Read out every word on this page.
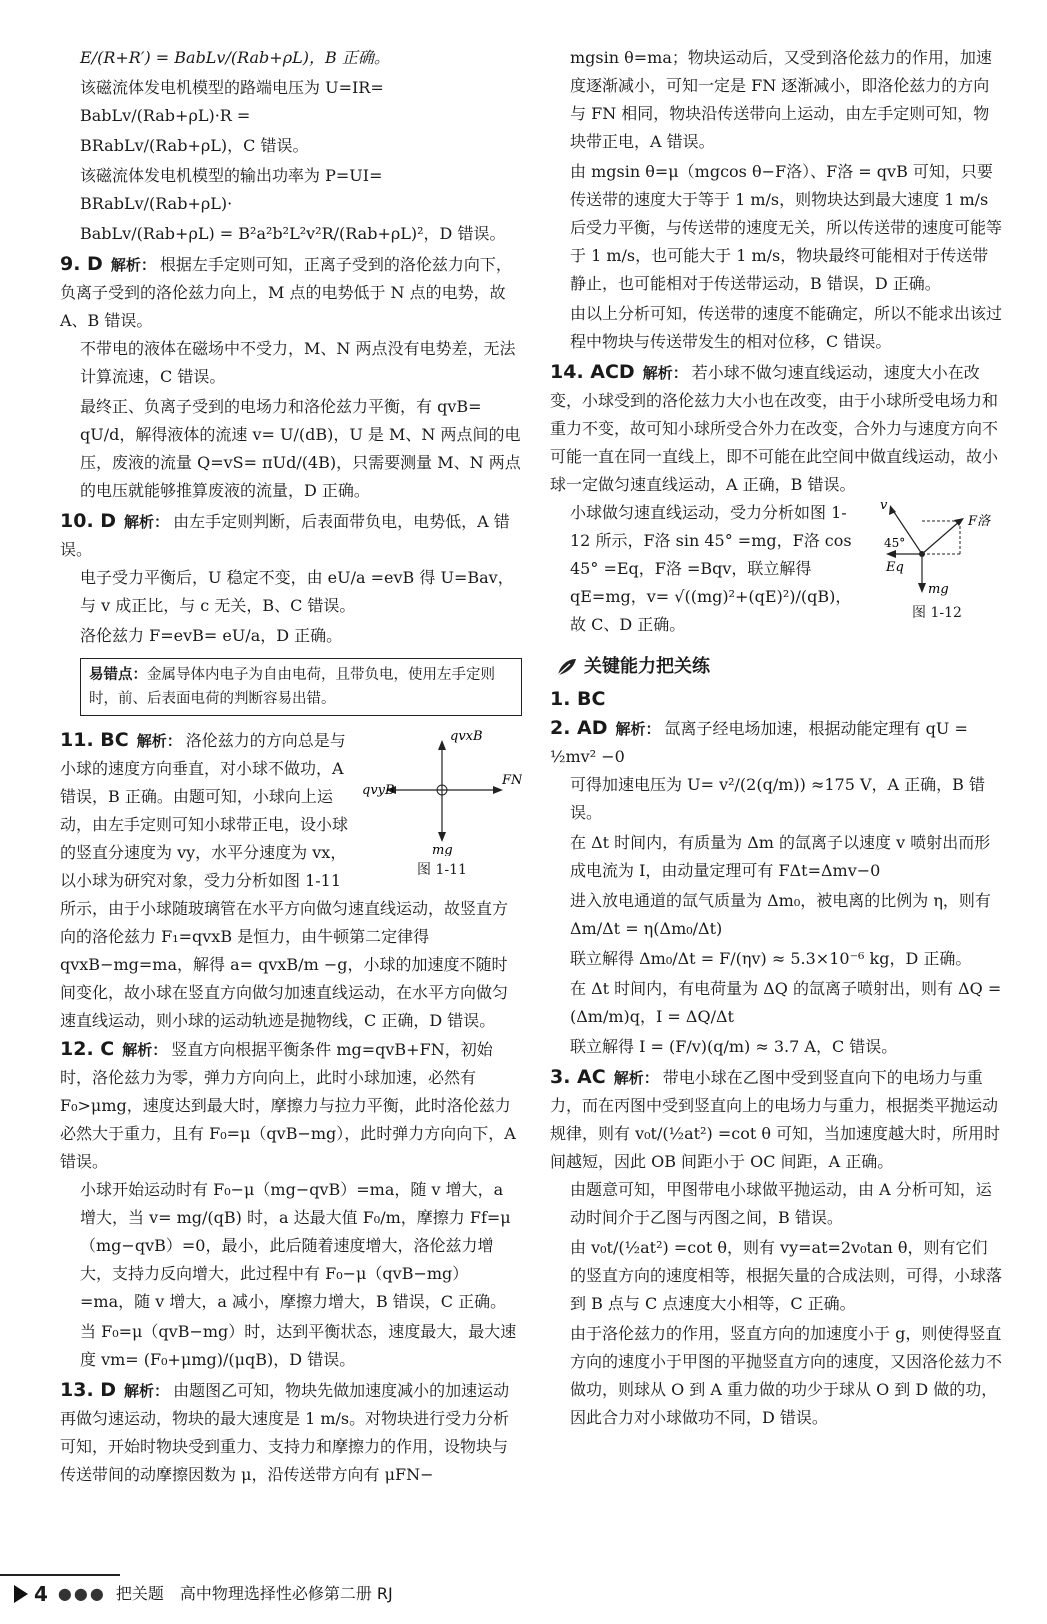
E/(R+R′) = BabLv/(Rab+ρL)，B 正确。

该磁流体发电机模型的路端电压为 U=IR= BabLv/(Rab+ρL)·R =

BRabLv/(Rab+ρL)，C 错误。

该磁流体发电机模型的输出功率为 P=UI= BRabLv/(Rab+ρL)·

BabLv/(Rab+ρL) = B²a²b²L²v²R/(Rab+ρL)²，D 错误。

9. D 解析： 根据左手定则可知，正离子受到的洛伦兹力向下，负离子受到的洛伦兹力向上，M 点的电势低于 N 点的电势，故 A、B 错误。

不带电的液体在磁场中不受力，M、N 两点没有电势差，无法计算流速，C 错误。

最终正、负离子受到的电场力和洛伦兹力平衡，有 qvB= qU/d，解得液体的流速 v= U/(dB)，U 是 M、N 两点间的电压，废液的流量 Q=vS= πUd/(4B)，只需要测量 M、N 两点的电压就能够推算废液的流量，D 正确。

10. D 解析： 由左手定则判断，后表面带负电，电势低，A 错误。

电子受力平衡后，U 稳定不变，由 eU/a =evB 得 U=Bav，与 v 成正比，与 c 无关，B、C 错误。

洛伦兹力 F=evB= eU/a，D 正确。

易错点：金属导体内电子为自由电荷，且带负电，使用左手定则时，前、后表面电荷的判断容易出错。
qvxB
qvyB
FN
mg
图 1-11
11. BC 解析： 洛伦兹力的方向总是与小球的速度方向垂直，对小球不做功，A 错误，B 正确。由题可知，小球向上运动，由左手定则可知小球带正电，设小球的竖直分速度为 vy，水平分速度为 vx，以小球为研究对象，受力分析如图 1-11 所示，由于小球随玻璃管在水平方向做匀速直线运动，故竖直方向的洛伦兹力 F₁=qvxB 是恒力，由牛顿第二定律得 qvxB−mg=ma，解得 a= qvxB/m −g，小球的加速度不随时间变化，故小球在竖直方向做匀加速直线运动，在水平方向做匀速直线运动，则小球的运动轨迹是抛物线，C 正确，D 错误。
12. C 解析： 竖直方向根据平衡条件 mg=qvB+FN，初始时，洛伦兹力为零，弹力方向向上，此时小球加速，必然有 F₀>μmg，速度达到最大时，摩擦力与拉力平衡，此时洛伦兹力必然大于重力，且有 F₀=μ（qvB−mg），此时弹力方向向下，A 错误。

小球开始运动时有 F₀−μ（mg−qvB）=ma，随 v 增大，a 增大，当 v= mg/(qB) 时，a 达最大值 F₀/m，摩擦力 Ff=μ（mg−qvB）=0，最小，此后随着速度增大，洛伦兹力增大，支持力反向增大，此过程中有 F₀−μ（qvB−mg）=ma，随 v 增大，a 减小，摩擦力增大，B 错误，C 正确。

当 F₀=μ（qvB−mg）时，达到平衡状态，速度最大，最大速度 vm= (F₀+μmg)/(μqB)，D 错误。

13. D 解析： 由题图乙可知，物块先做加速度减小的加速运动再做匀速运动，物块的最大速度是 1 m/s。对物块进行受力分析可知，开始时物块受到重力、支持力和摩擦力的作用，设物块与传送带间的动摩擦因数为 μ，沿传送带方向有 μFN−

mgsin θ=ma；物块运动后，又受到洛伦兹力的作用，加速度逐渐减小，可知一定是 FN 逐渐减小，即洛伦兹力的方向与 FN 相同，物块沿传送带向上运动，由左手定则可知，物块带正电，A 错误。

由 mgsin θ=μ（mgcos θ−F洛）、F洛 = qvB 可知，只要传送带的速度大于等于 1 m/s，则物块达到最大速度 1 m/s 后受力平衡，与传送带的速度无关，所以传送带的速度可能等于 1 m/s，也可能大于 1 m/s，物块最终可能相对于传送带静止，也可能相对于传送带运动，B 错误，D 正确。

由以上分析可知，传送带的速度不能确定，所以不能求出该过程中物块与传送带发生的相对位移，C 错误。

14. ACD 解析： 若小球不做匀速直线运动，速度大小在改变，小球受到的洛伦兹力大小也在改变，由于小球所受电场力和重力不变，故可知小球所受合外力在改变，合外力与速度方向不可能一直在同一直线上，即不可能在此空间中做直线运动，故小球一定做匀速直线运动，A 正确，B 错误。
v
F洛
45°
Eq
mg
图 1-12

小球做匀速直线运动，受力分析如图 1-12 所示，F洛 sin 45° =mg，F洛 cos 45° =Eq，F洛 =Bqv，联立解得 qE=mg，v= √((mg)²+(qE)²)/(qB)，故 C、D 正确。

关键能力把关练
1. BC
2. AD 解析： 氙离子经电场加速，根据动能定理有 qU = ½mv² −0

可得加速电压为 U= v²/(2(q/m)) ≈175 V，A 正确，B 错误。

在 Δt 时间内，有质量为 Δm 的氙离子以速度 v 喷射出而形成电流为 I，由动量定理可有 FΔt=Δmv−0

进入放电通道的氙气质量为 Δm₀，被电离的比例为 η，则有 Δm/Δt = η(Δm₀/Δt)

联立解得 Δm₀/Δt = F/(ηv) ≈ 5.3×10⁻⁶ kg，D 正确。

在 Δt 时间内，有电荷量为 ΔQ 的氙离子喷射出，则有 ΔQ = (Δm/m)q，I = ΔQ/Δt

联立解得 I = (F/v)(q/m) ≈ 3.7 A，C 错误。

3. AC 解析： 带电小球在乙图中受到竖直向下的电场力与重力，而在丙图中受到竖直向上的电场力与重力，根据类平抛运动规律，则有 v₀t/(½at²) =cot θ 可知，当加速度越大时，所用时间越短，因此 OB 间距小于 OC 间距，A 正确。

由题意可知，甲图带电小球做平抛运动，由 A 分析可知，运动时间介于乙图与丙图之间，B 错误。

由 v₀t/(½at²) =cot θ，则有 vy=at=2v₀tan θ，则有它们的竖直方向的速度相等，根据矢量的合成法则，可得，小球落到 B 点与 C 点速度大小相等，C 正确。

由于洛伦兹力的作用，竖直方向的加速度小于 g，则使得竖直方向的速度小于甲图的平抛竖直方向的速度，又因洛伦兹力不做功，则球从 O 到 A 重力做的功少于球从 O 到 D 做的功，因此合力对小球做功不同，D 错误。

4 ●●● 把关题　高中物理选择性必修第二册 RJ
